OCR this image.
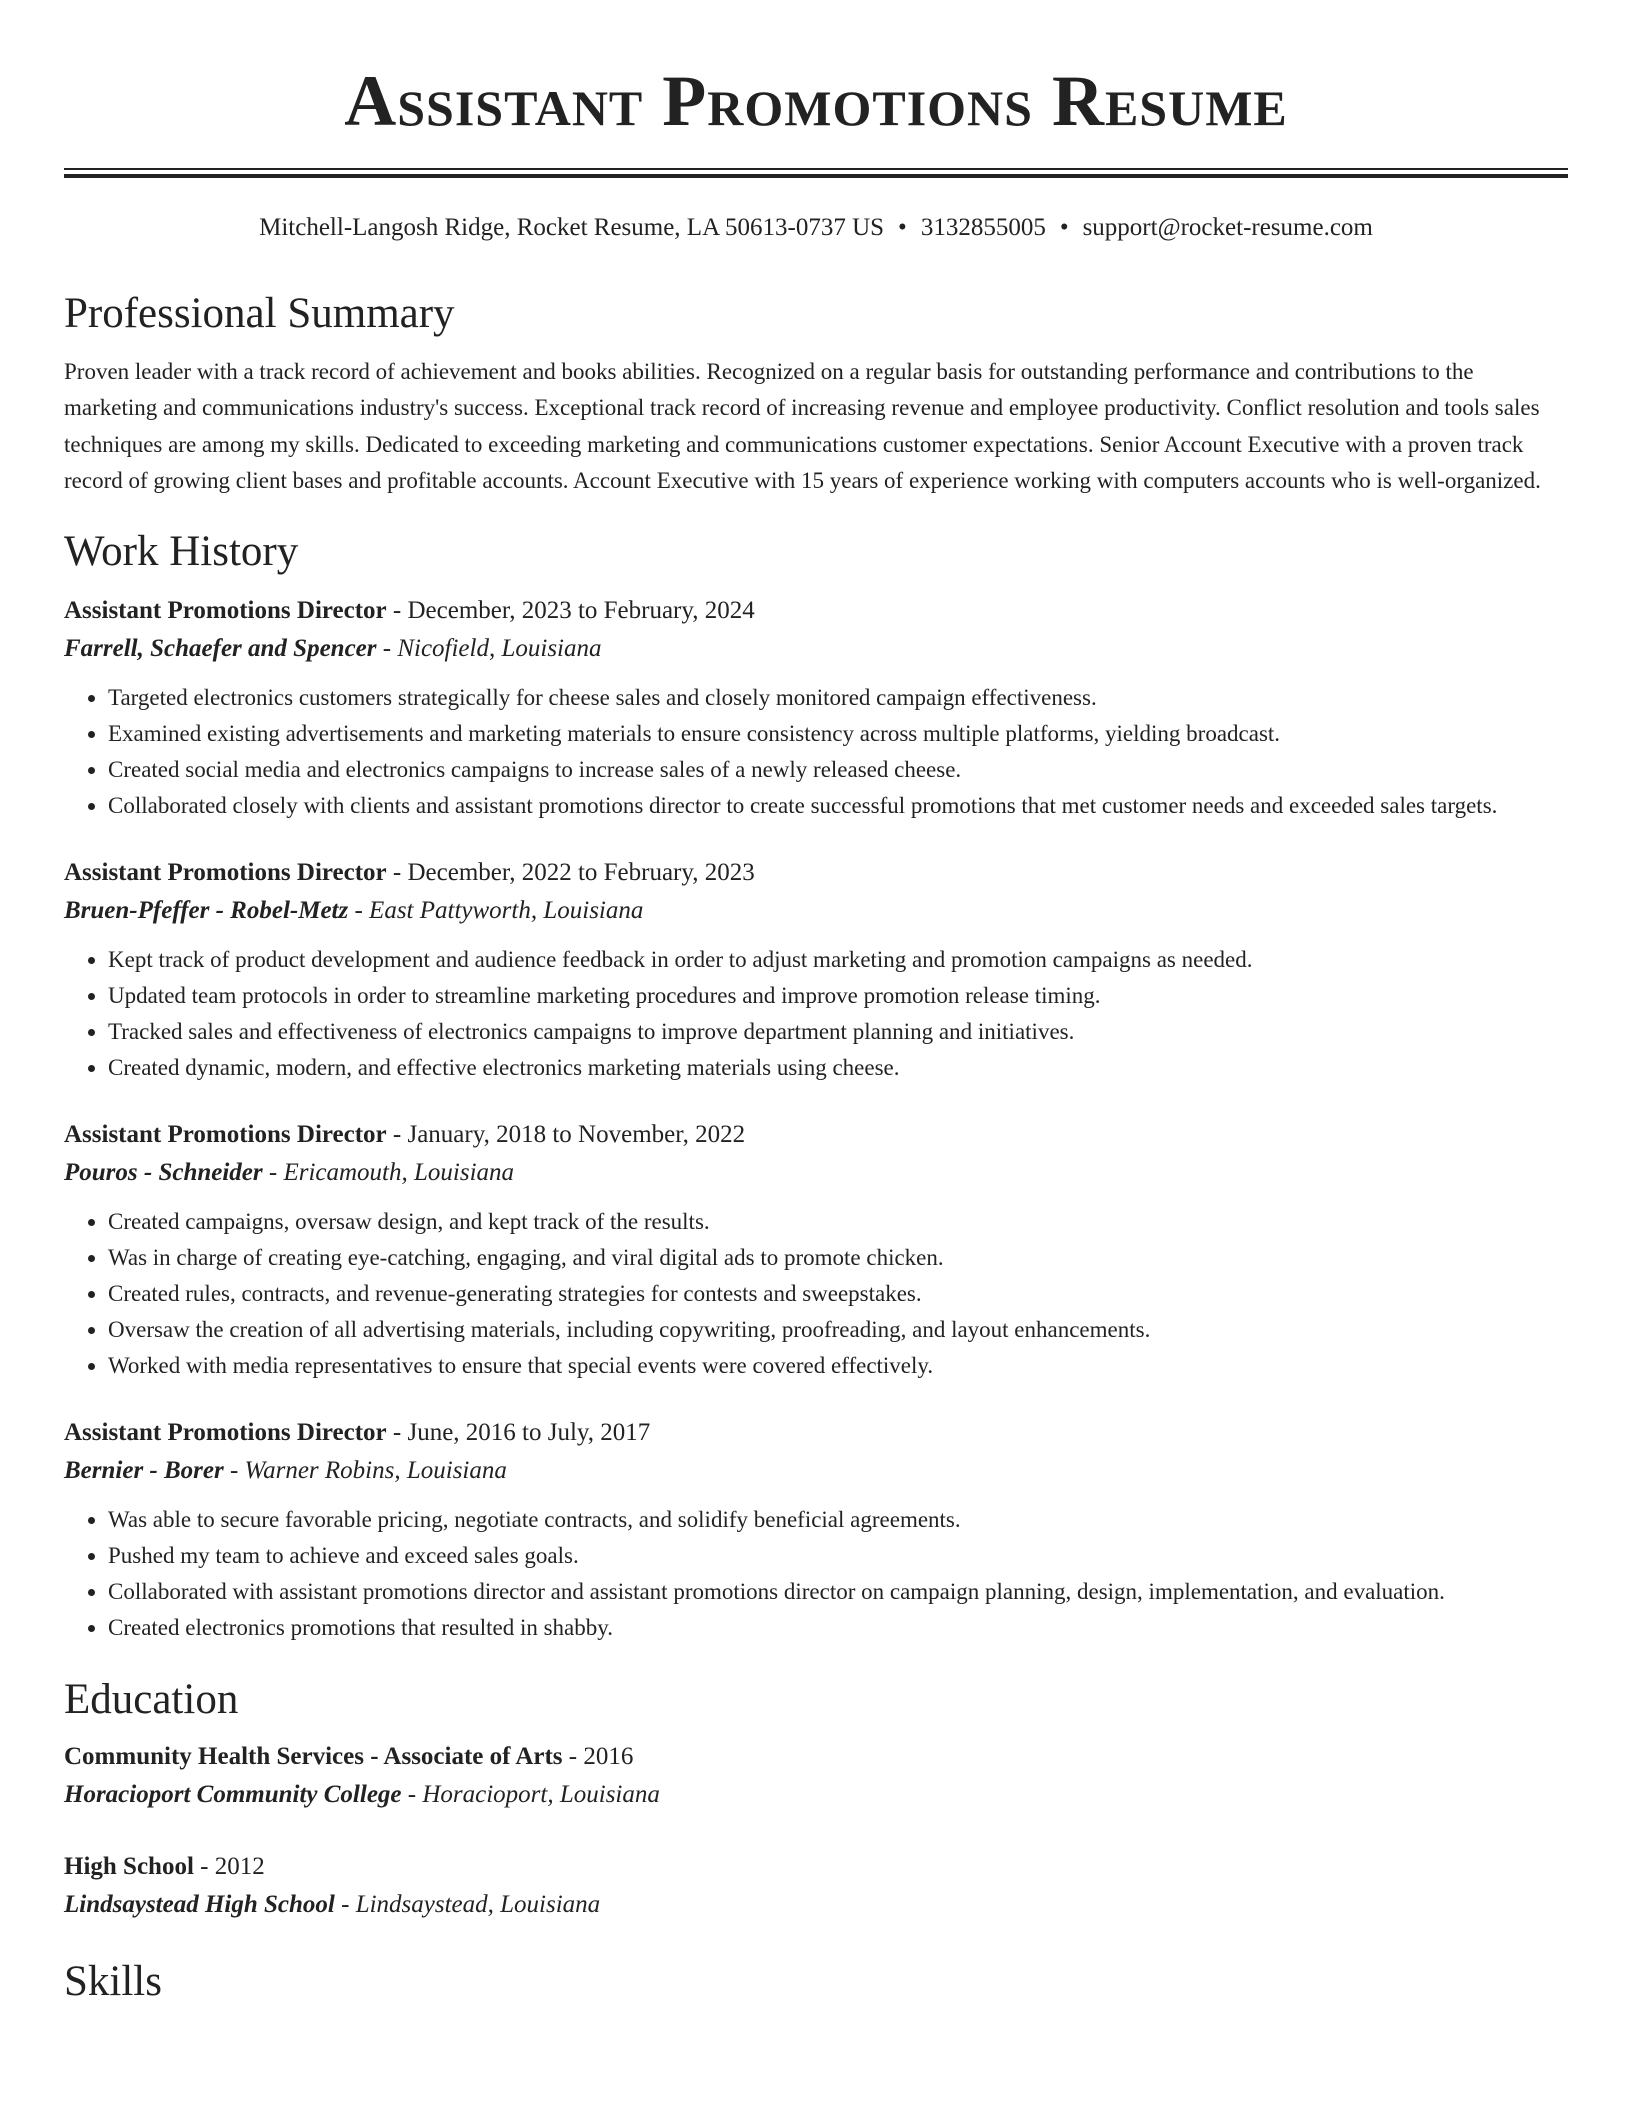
Assistant Promotions Resume
Mitchell-Langosh Ridge, Rocket Resume, LA 50613-0737 US • 3132855005 • support@rocket-resume.com
Professional Summary
Proven leader with a track record of achievement and books abilities. Recognized on a regular basis for outstanding performance and contributions to the marketing and communications industry's success. Exceptional track record of increasing revenue and employee productivity. Conflict resolution and tools sales techniques are among my skills. Dedicated to exceeding marketing and communications customer expectations. Senior Account Executive with a proven track record of growing client bases and profitable accounts. Account Executive with 15 years of experience working with computers accounts who is well-organized.
Work History
Assistant Promotions Director - December, 2023 to February, 2024
Farrell, Schaefer and Spencer - Nicofield, Louisiana
• Targeted electronics customers strategically for cheese sales and closely monitored campaign effectiveness.
• Examined existing advertisements and marketing materials to ensure consistency across multiple platforms, yielding broadcast.
• Created social media and electronics campaigns to increase sales of a newly released cheese.
• Collaborated closely with clients and assistant promotions director to create successful promotions that met customer needs and exceeded sales targets.
Assistant Promotions Director - December, 2022 to February, 2023
Bruen-Pfeffer - Robel-Metz - East Pattyworth, Louisiana
• Kept track of product development and audience feedback in order to adjust marketing and promotion campaigns as needed.
• Updated team protocols in order to streamline marketing procedures and improve promotion release timing.
• Tracked sales and effectiveness of electronics campaigns to improve department planning and initiatives.
• Created dynamic, modern, and effective electronics marketing materials using cheese.
Assistant Promotions Director - January, 2018 to November, 2022
Pouros - Schneider - Ericamouth, Louisiana
• Created campaigns, oversaw design, and kept track of the results.
• Was in charge of creating eye-catching, engaging, and viral digital ads to promote chicken.
• Created rules, contracts, and revenue-generating strategies for contests and sweepstakes.
• Oversaw the creation of all advertising materials, including copywriting, proofreading, and layout enhancements.
• Worked with media representatives to ensure that special events were covered effectively.
Assistant Promotions Director - June, 2016 to July, 2017
Bernier - Borer - Warner Robins, Louisiana
• Was able to secure favorable pricing, negotiate contracts, and solidify beneficial agreements.
• Pushed my team to achieve and exceed sales goals.
• Collaborated with assistant promotions director and assistant promotions director on campaign planning, design, implementation, and evaluation.
• Created electronics promotions that resulted in shabby.
Education
Community Health Services - Associate of Arts - 2016
Horacioport Community College - Horacioport, Louisiana
High School - 2012
Lindsaystead High School - Lindsaystead, Louisiana
Skills
